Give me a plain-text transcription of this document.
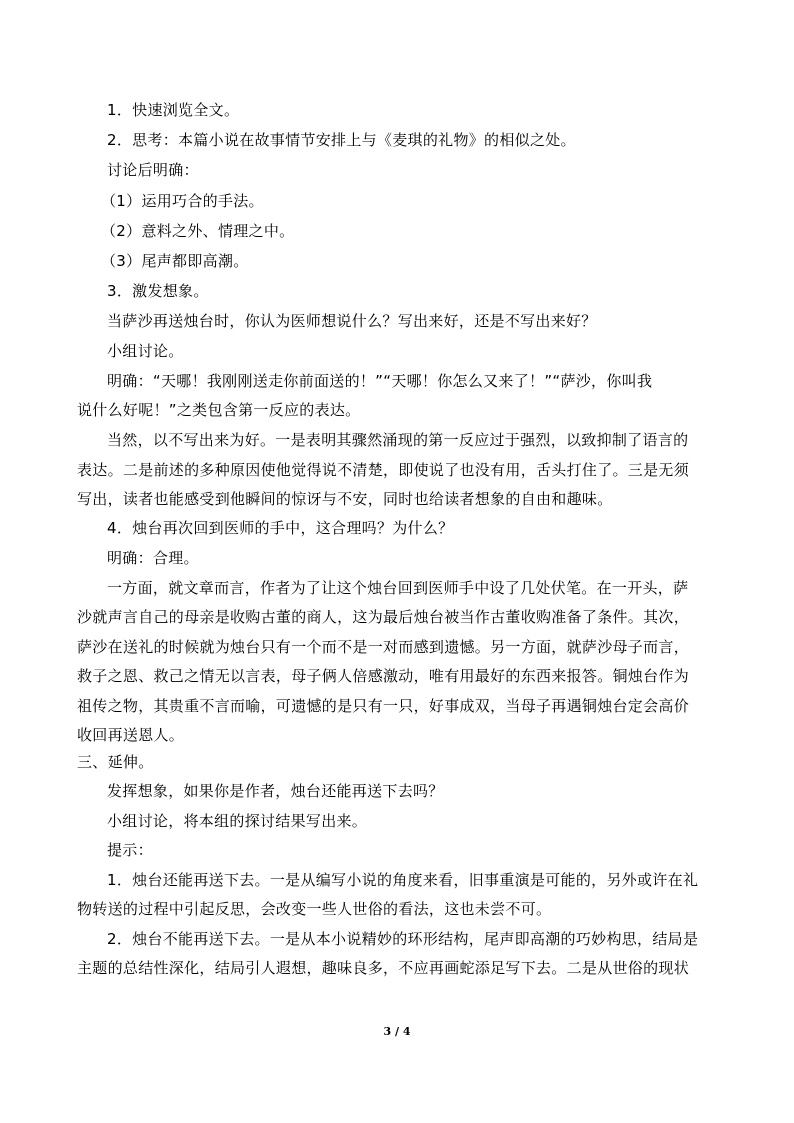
1．快速浏览全文。
2．思考：本篇小说在故事情节安排上与《麦琪的礼物》的相似之处。
讨论后明确：
（1）运用巧合的手法。
（2）意料之外、情理之中。
（3）尾声都即高潮。
3．激发想象。
当萨沙再送烛台时，你认为医师想说什么？写出来好，还是不写出来好？
小组讨论。
明确：“天哪！我刚刚送走你前面送的！”“天哪！你怎么又来了！”“萨沙，你叫我
说什么好呢！”之类包含第一反应的表达。
当然，以不写出来为好。一是表明其骤然涌现的第一反应过于强烈，以致抑制了语言的
表达。二是前述的多种原因使他觉得说不清楚，即使说了也没有用，舌头打住了。三是无须
写出，读者也能感受到他瞬间的惊讶与不安，同时也给读者想象的自由和趣味。
4．烛台再次回到医师的手中，这合理吗？为什么？
明确：合理。
一方面，就文章而言，作者为了让这个烛台回到医师手中设了几处伏笔。在一开头，萨
沙就声言自己的母亲是收购古董的商人，这为最后烛台被当作古董收购准备了条件。其次，
萨沙在送礼的时候就为烛台只有一个而不是一对而感到遗憾。另一方面，就萨沙母子而言，
救子之恩、救己之情无以言表，母子俩人倍感激动，唯有用最好的东西来报答。铜烛台作为
祖传之物，其贵重不言而喻，可遗憾的是只有一只，好事成双，当母子再遇铜烛台定会高价
收回再送恩人。
三、延伸。
发挥想象，如果你是作者，烛台还能再送下去吗？
小组讨论，将本组的探讨结果写出来。
提示：
1．烛台还能再送下去。一是从编写小说的角度来看，旧事重演是可能的，另外或许在礼
物转送的过程中引起反思，会改变一些人世俗的看法，这也未尝不可。
2．烛台不能再送下去。一是从本小说精妙的环形结构，尾声即高潮的巧妙构思，结局是
主题的总结性深化，结局引人遐想，趣味良多，不应再画蛇添足写下去。二是从世俗的现状
3 / 4
